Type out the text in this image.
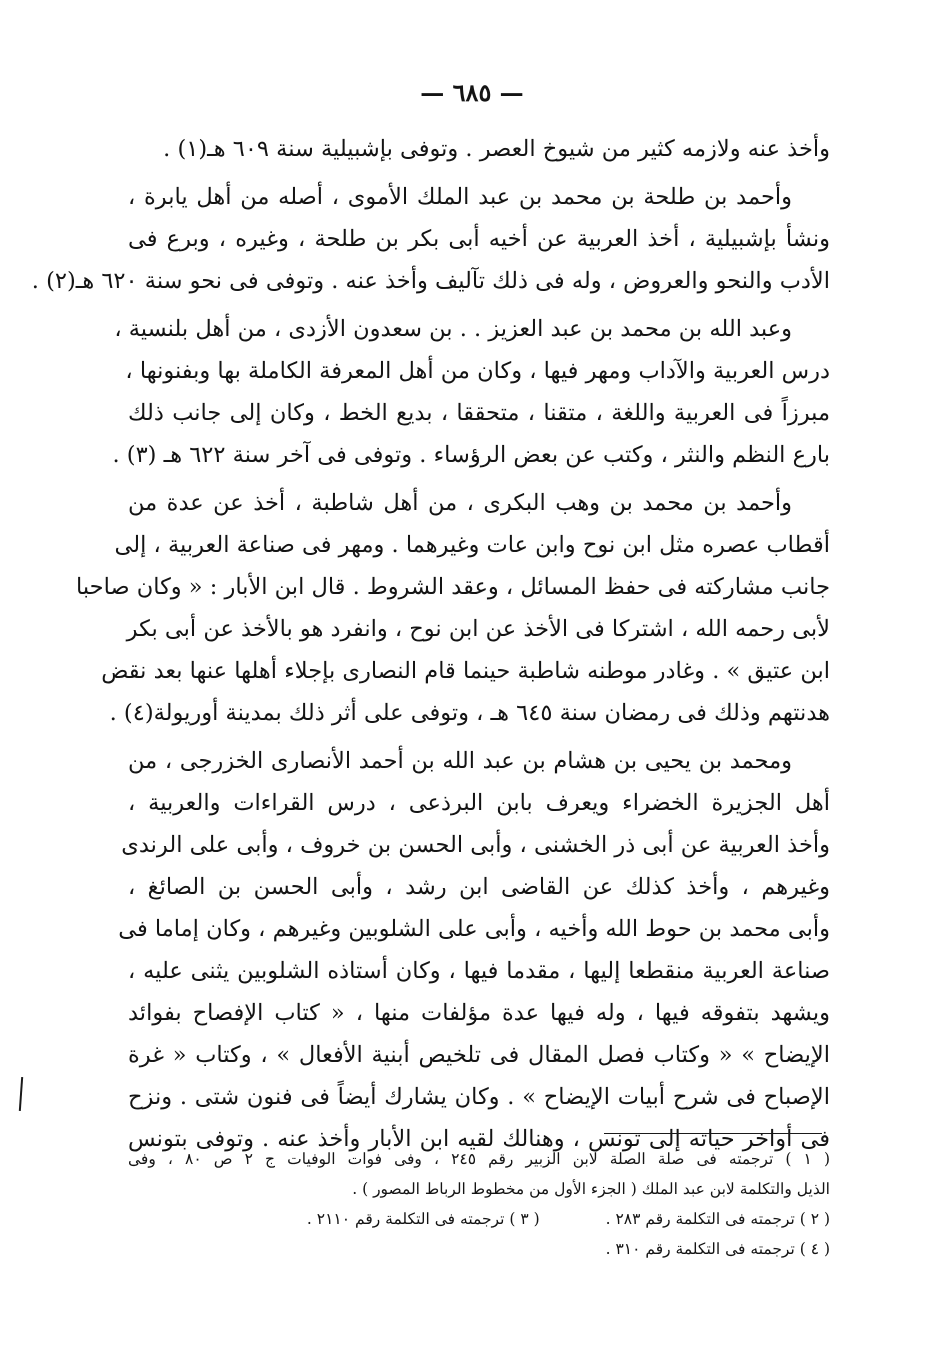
— ٦٨٥ —
وأخذ عنه ولازمه كثير من شيوخ العصر . وتوفى بإشبيلية سنة ٦٠٩ هـ(١) .
وأحمد بن طلحة بن محمد بن عبد الملك الأموى ، أصله من أهل يابرة ،
ونشأ بإشبيلية ، أخذ العربية عن أخيه أبى بكر بن طلحة ، وغيره ، وبرع فى
الأدب والنحو والعروض ، وله فى ذلك تآليف وأخذ عنه . وتوفى فى نحو سنة ٦٢٠ هـ(٢) .
وعبد الله بن محمد بن عبد العزيز . . بن سعدون الأزدى ، من أهل بلنسية ،
درس العربية والآداب ومهر فيها ، وكان من أهل المعرفة الكاملة بها وبفنونها ،
مبرزاً فى العربية واللغة ، متقنا ، متحققا ، بديع الخط ، وكان إلى جانب ذلك
بارع النظم والنثر ، وكتب عن بعض الرؤساء . وتوفى فى آخر سنة ٦٢٢ هـ (٣) .
وأحمد بن محمد بن وهب البكرى ، من أهل شاطبة ، أخذ عن عدة من
أقطاب عصره مثل ابن نوح وابن عات وغيرهما . ومهر فى صناعة العربية ، إلى
جانب مشاركته فى حفظ المسائل ، وعقد الشروط . قال ابن الأبار : « وكان صاحبا
لأبى رحمه الله ، اشتركا فى الأخذ عن ابن نوح ، وانفرد هو بالأخذ عن أبى بكر
ابن عتيق » . وغادر موطنه شاطبة حينما قام النصارى بإجلاء أهلها عنها بعد نقض
هدنتهم وذلك فى رمضان سنة ٦٤٥ هـ ، وتوفى على أثر ذلك بمدينة أوريولة(٤) .
ومحمد بن يحيى بن هشام بن عبد الله بن أحمد الأنصارى الخزرجى ، من
أهل الجزيرة الخضراء ويعرف بابن البرذعى ، درس القراءات والعربية ،
وأخذ العربية عن أبى ذر الخشنى ، وأبى الحسن بن خروف ، وأبى على الرندى
وغيرهم ، وأخذ كذلك عن القاضى ابن رشد ، وأبى الحسن بن الصائغ ،
وأبى محمد بن حوط الله وأخيه ، وأبى على الشلوبين وغيرهم ، وكان إماما فى
صناعة العربية منقطعا إليها ، مقدما فيها ، وكان أستاذه الشلوبين يثنى عليه ،
ويشهد بتفوقه فيها ، وله فيها عدة مؤلفات منها ، « كتاب الإفصاح بفوائد
الإيضاح » « وكتاب فصل المقال فى تلخيص أبنية الأفعال » ، وكتاب « غرة
الإصباح فى شرح أبيات الإيضاح » . وكان يشارك أيضاً فى فنون شتى . ونزح
فى أواخر حياته إلى تونس ، وهنالك لقيه ابن الأبار وأخذ عنه . وتوفى بتونس
( ١ ) ترجمته فى صلة الصلة لابن الزبير رقم ٢٤٥ ، وفى فوات الوفيات ج ٢ ص ٨٠ ، وفى
الذيل والتكلمة لابن عبد الملك ( الجزء الأول من مخطوط الرباط المصور ) .
( ٢ ) ترجمته فى التكلمة رقم ٢٨٣ .
( ٣ ) ترجمته فى التكلمة رقم ٢١١٠ .
( ٤ ) ترجمته فى التكلمة رقم ٣١٠ .
